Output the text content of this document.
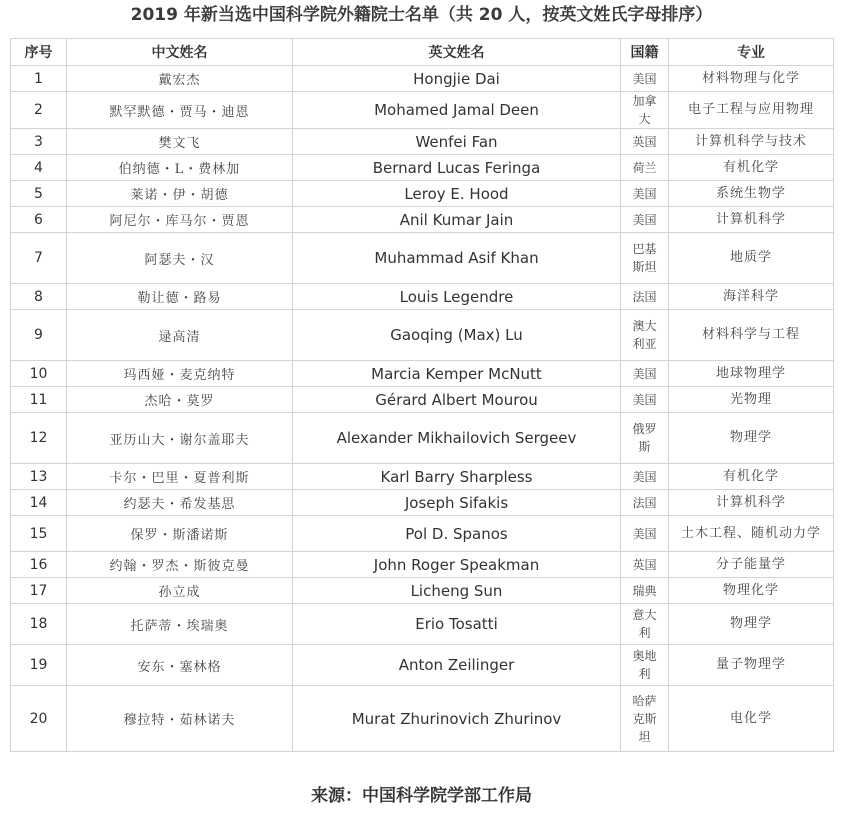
2019 年新当选中国科学院外籍院士名单（共 20 人，按英文姓氏字母排序）
序号	中文姓名	英文姓名	国籍	专业
1	戴宏杰	Hongjie Dai	美国	材料物理与化学
2	默罕默德・贾马・迪恩	Mohamed Jamal Deen	加拿大	电子工程与应用物理
3	樊文飞	Wenfei Fan	英国	计算机科学与技术
4	伯纳德・L・费林加	Bernard Lucas Feringa	荷兰	有机化学
5	莱诺・伊・胡德	Leroy E. Hood	美国	系统生物学
6	阿尼尔・库马尔・贾恩	Anil Kumar Jain	美国	计算机科学
7	阿瑟夫・汉	Muhammad Asif Khan	巴基斯坦	地质学
8	勒让德・路易	Louis Legendre	法国	海洋科学
9	逯高清	Gaoqing (Max) Lu	澳大利亚	材料科学与工程
10	玛西娅・麦克纳特	Marcia Kemper McNutt	美国	地球物理学
11	杰哈・莫罗	Gérard Albert Mourou	美国	光物理
12	亚历山大・谢尔盖耶夫	Alexander Mikhailovich Sergeev	俄罗斯	物理学
13	卡尔・巴里・夏普利斯	Karl Barry Sharpless	美国	有机化学
14	约瑟夫・希发基思	Joseph Sifakis	法国	计算机科学
15	保罗・斯潘诺斯	Pol D. Spanos	美国	土木工程、随机动力学
16	约翰・罗杰・斯彼克曼	John Roger Speakman	英国	分子能量学
17	孙立成	Licheng Sun	瑞典	物理化学
18	托萨蒂・埃瑞奥	Erio Tosatti	意大利	物理学
19	安东・塞林格	Anton Zeilinger	奥地利	量子物理学
20	穆拉特・茹林诺夫	Murat Zhurinovich Zhurinov	哈萨克斯坦	电化学
来源：中国科学院学部工作局
